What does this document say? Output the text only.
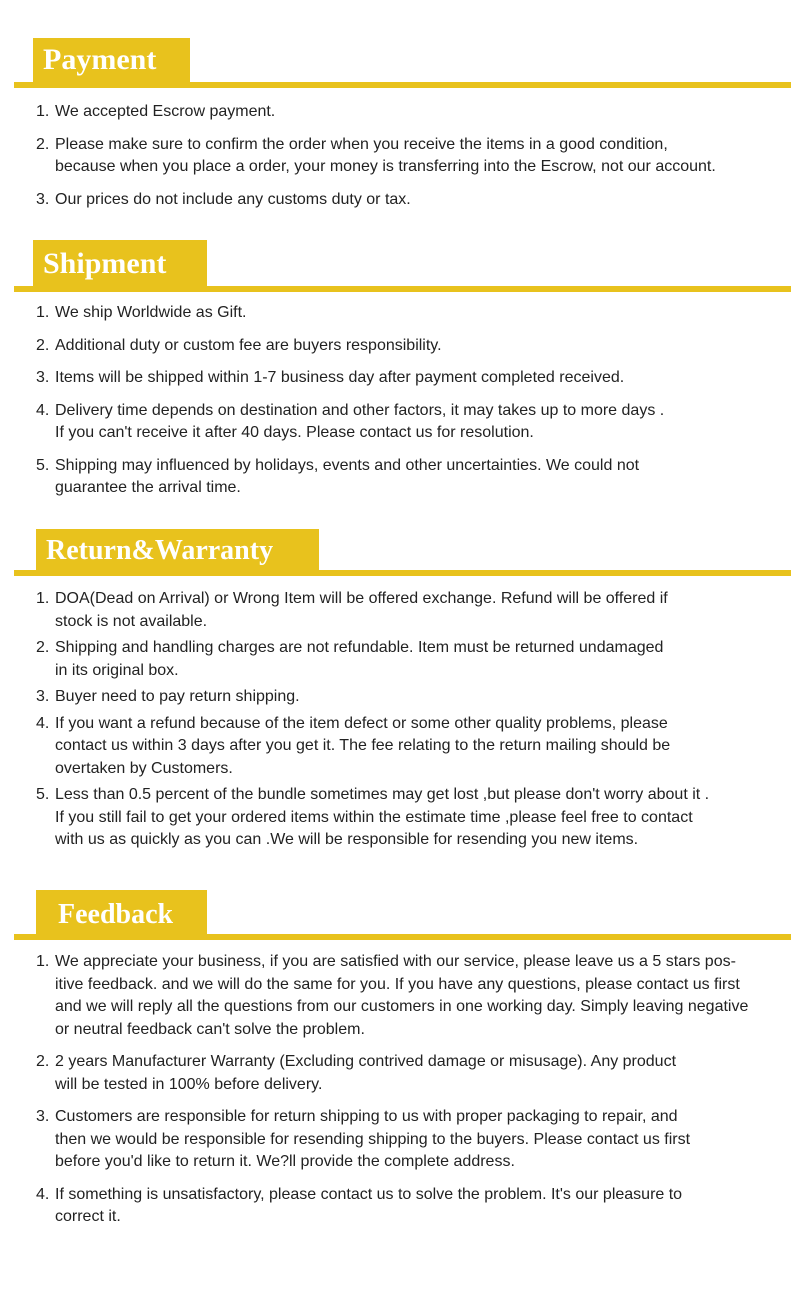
Payment
1. We accepted Escrow payment.
2. Please make sure to confirm the order when you receive the items in a good condition,
because when you place a order, your money is transferring into the Escrow, not our account.
3. Our prices do not include any customs duty or tax.
Shipment
1. We ship Worldwide as Gift.
2. Additional duty or custom fee are buyers responsibility.
3. Items will be shipped within 1-7 business day after payment completed received.
4. Delivery time depends on destination and other factors, it may takes up to more days .
If you can't receive it after 40 days. Please contact us for resolution.
5. Shipping may influenced by holidays, events and other uncertainties. We could not
guarantee the arrival time.
Return&Warranty
1. DOA(Dead on Arrival) or Wrong Item will be offered exchange. Refund will be offered if
stock is not available.
2. Shipping and handling charges are not refundable. Item must be returned undamaged
in its original box.
3. Buyer need to pay return shipping.
4. If you want a refund because of the item defect or some other quality problems, please
contact us within 3 days after you get it. The fee relating to the return mailing should be
overtaken by Customers.
5. Less than 0.5 percent of the bundle sometimes may get lost ,but please don't worry about it .
If you still fail to get your ordered items within the estimate time ,please feel free to contact
with us as quickly as you can .We will be responsible for resending you new items.
Feedback
1. We appreciate your business, if you are satisfied with our service, please leave us a 5 stars pos-
itive feedback. and we will do the same for you. If you have any questions, please contact us first
and we will reply all the questions from our customers in one working day. Simply leaving negative
or neutral feedback can't solve the problem.
2. 2 years Manufacturer Warranty (Excluding contrived damage or misusage). Any product
will be tested in 100% before delivery.
3. Customers are responsible for return shipping to us with proper packaging to repair, and
then we would be responsible for resending shipping to the buyers. Please contact us first
before you'd like to return it. We?ll provide the complete address.
4. If something is unsatisfactory, please contact us to solve the problem. It's our pleasure to
correct it.
